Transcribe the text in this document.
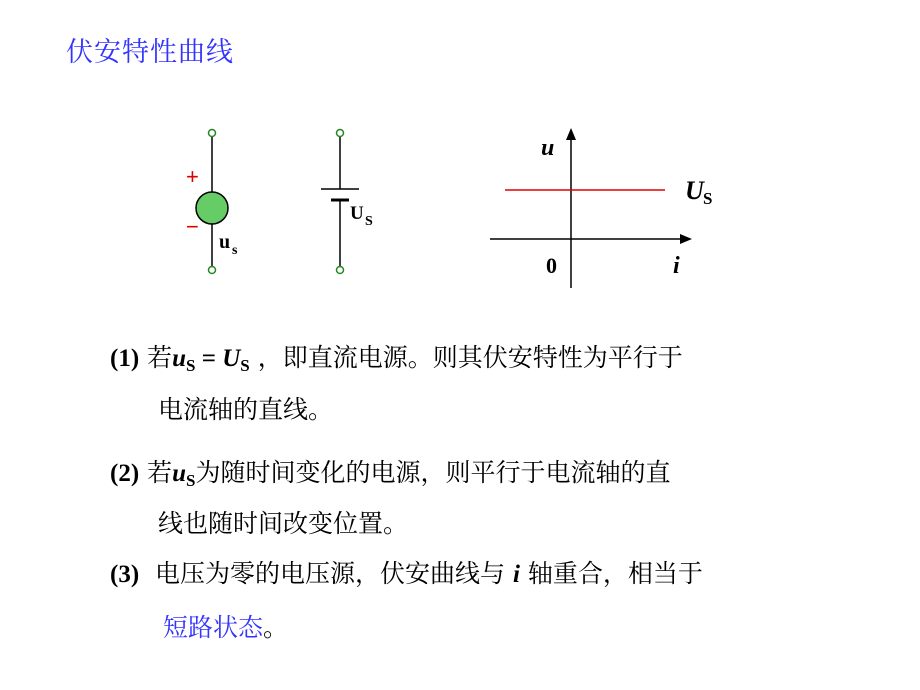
伏安特性曲线
+
−
u s
U S
u
i
0
U S
(1) 若$u_S = U_S$ ，即直流电源。则其伏安特性为平行于
电流轴的直线。
(2) 若$u_S$为随时间变化的电源，则平行于电流轴的直
线也随时间改变位置。
(3)  电压为零的电压源，伏安曲线与 i 轴重合，相当于
短路状态。
